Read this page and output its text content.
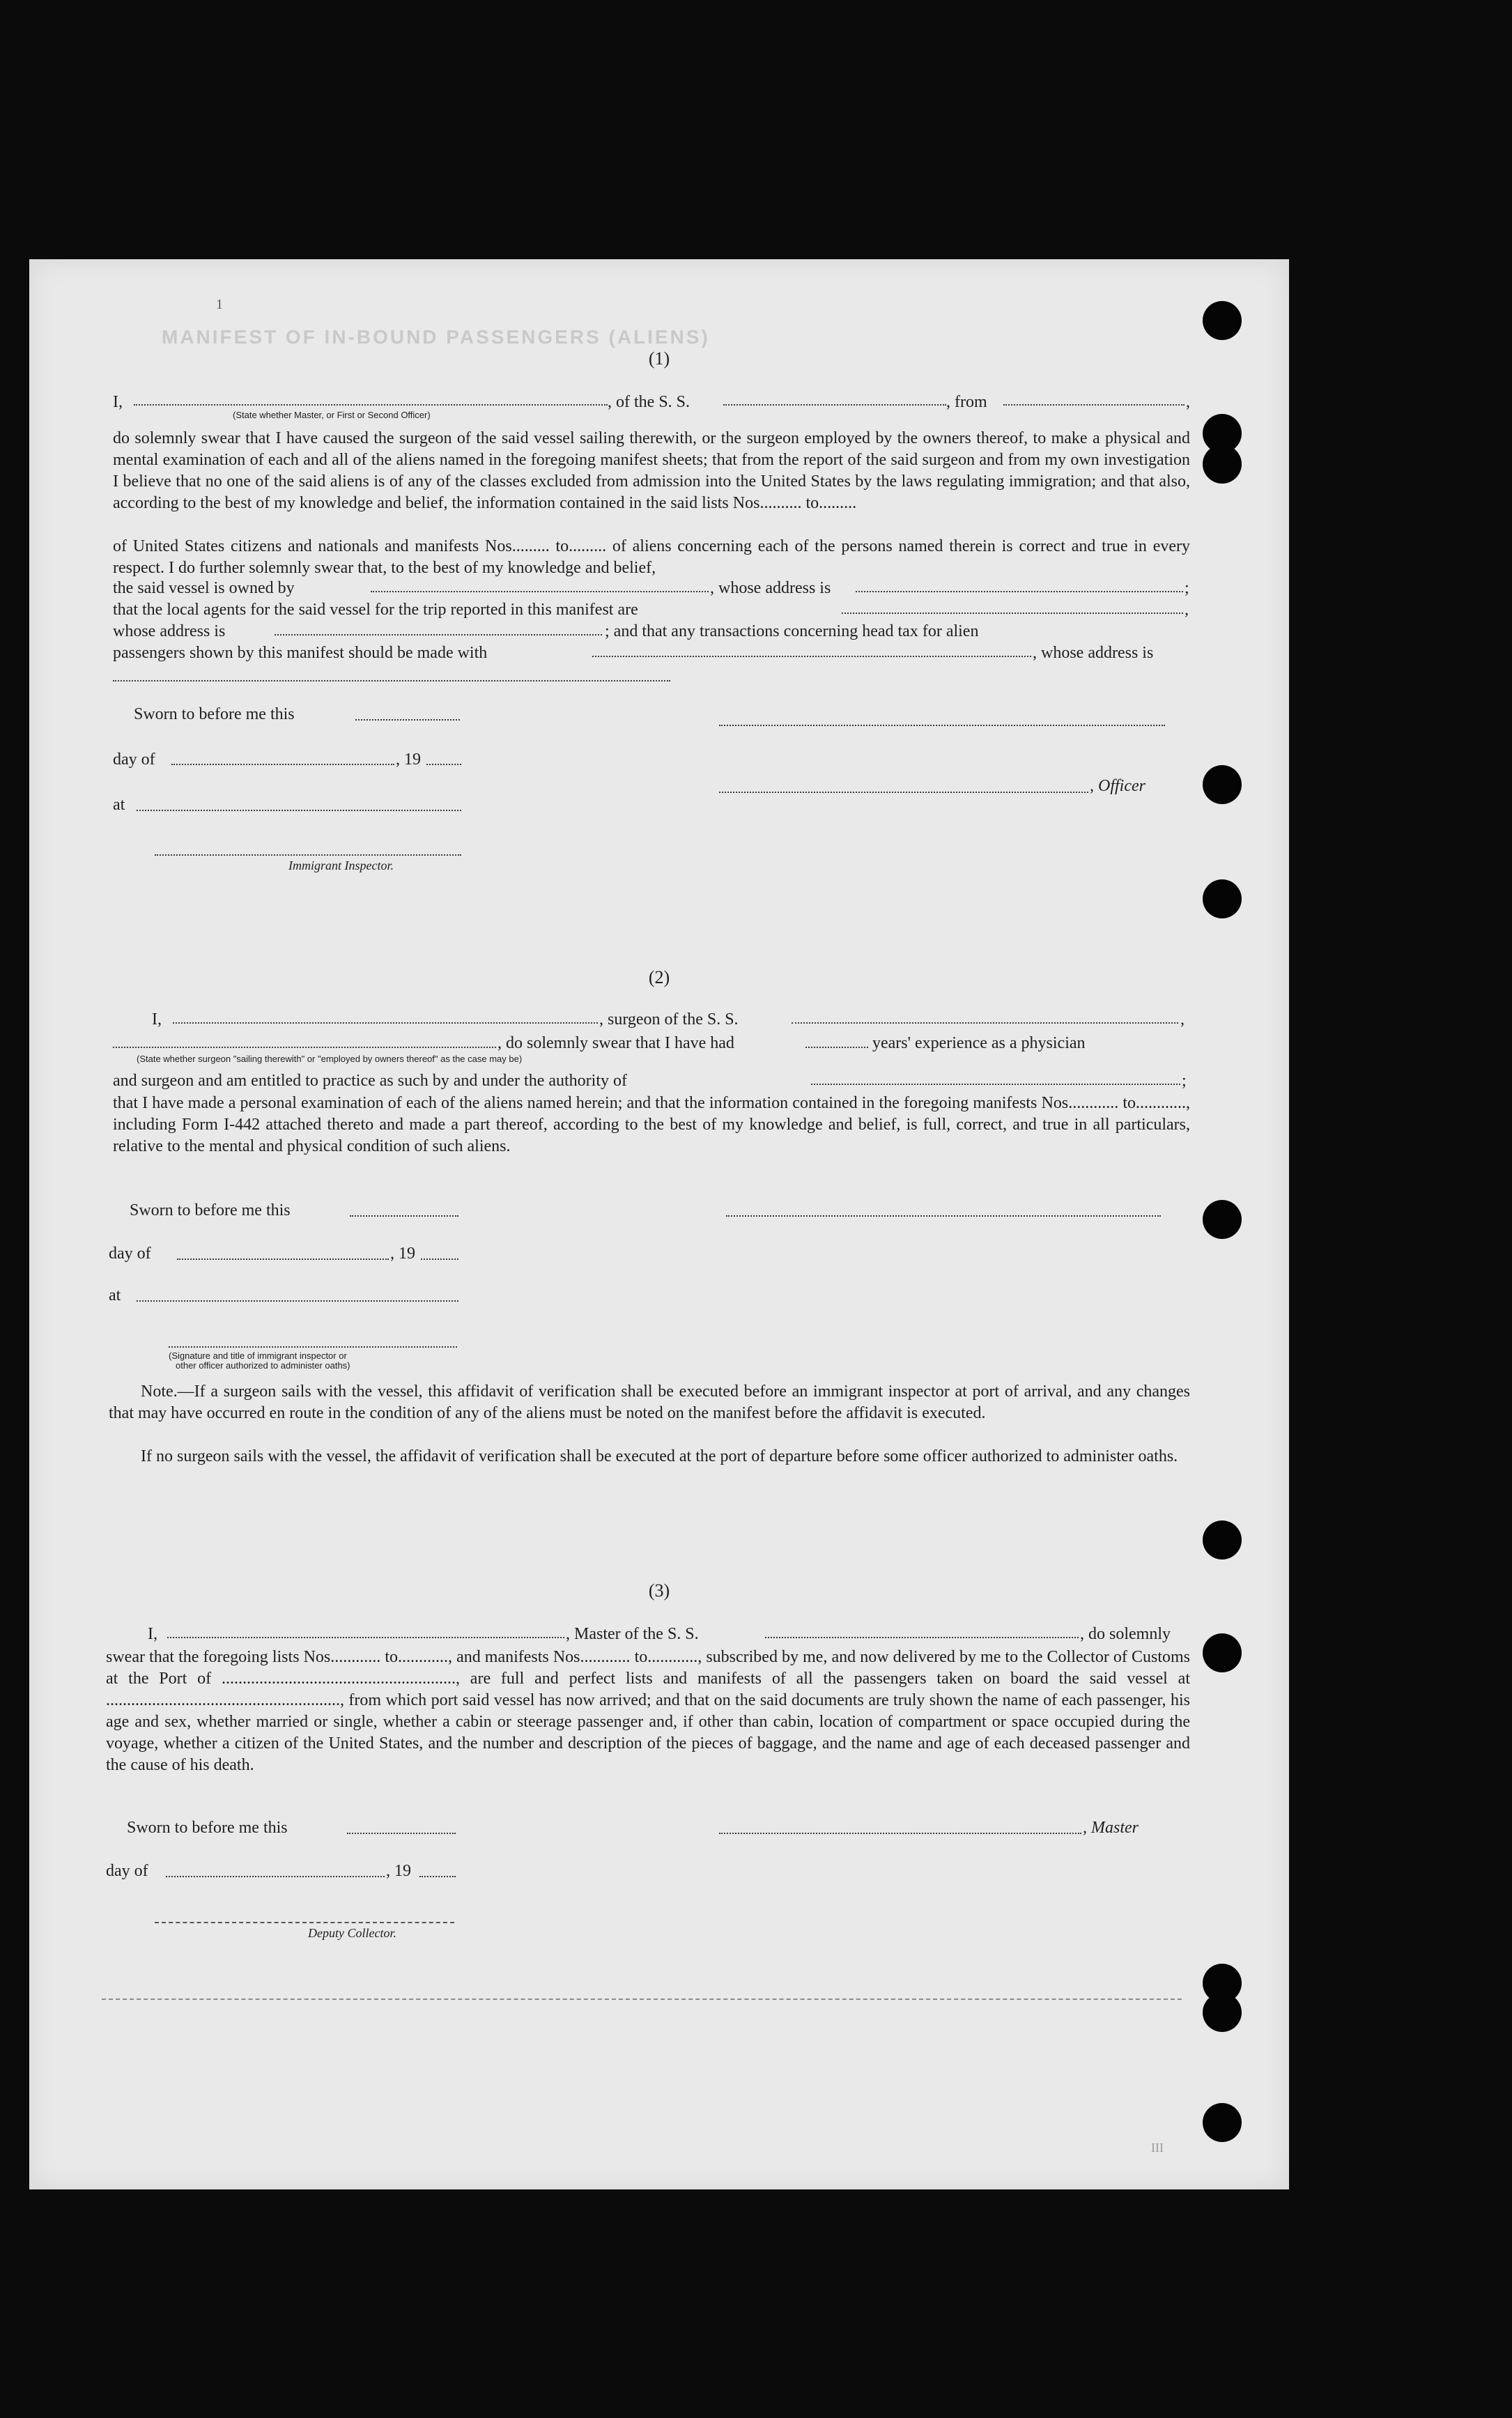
MANIFEST OF IN-BOUND PASSENGERS (ALIENS)
1
(1)
I,	, of the S. S.	, from	,
(State whether Master, or First or Second Officer)
do solemnly swear that I have caused the surgeon of the said vessel sailing therewith, or the surgeon employed by the owners thereof, to make a physical and mental examination of each and all of the aliens named in the foregoing manifest sheets; that from the report of the said surgeon and from my own investigation I believe that no one of the said aliens is of any of the classes excluded from admission into the United States by the laws regulating immigration; and that also, according to the best of my knowledge and belief, the information contained in the said lists Nos.......... to.........
of United States citizens and nationals and manifests Nos......... to......... of aliens concerning each of the persons named therein is correct and true in every respect. I do further solemnly swear that, to the best of my knowledge and belief,
the said vessel is owned by	, whose address is	;
that the local agents for the said vessel for the trip reported in this manifest are	,
whose address is	; and that any transactions concerning head tax for alien
passengers shown by this manifest should be made with	, whose address is
Sworn to before me this
day of	, 19
, Officer
at
Immigrant Inspector.
(2)
I,	, surgeon of the S. S.	,
, do solemnly swear that I have had	years' experience as a physician
(State whether surgeon "sailing therewith" or "employed by owners thereof" as the case may be)
and surgeon and am entitled to practice as such by and under the authority of	;
that I have made a personal examination of each of the aliens named herein; and that the information contained in the foregoing manifests Nos............ to............, including Form I-442 attached thereto and made a part thereof, according to the best of my knowledge and belief, is full, correct, and true in all particulars, relative to the mental and physical condition of such aliens.
Sworn to before me this
day of	, 19
at
(Signature and title of immigrant inspector or
other officer authorized to administer oaths)
Note.—If a surgeon sails with the vessel, this affidavit of verification shall be executed before an immigrant inspector at port of arrival, and any changes that may have occurred en route in the condition of any of the aliens must be noted on the manifest before the affidavit is executed.
If no surgeon sails with the vessel, the affidavit of verification shall be executed at the port of departure before some officer authorized to administer oaths.
(3)
I,	, Master of the S. S.	, do solemnly
swear that the foregoing lists Nos............ to............, and manifests Nos............ to............, subscribed by me, and now delivered by me to the Collector of Customs at the Port of ........................................................, are full and perfect lists and manifests of all the passengers taken on board the said vessel at ........................................................, from which port said vessel has now arrived; and that on the said documents are truly shown the name of each passenger, his age and sex, whether married or single, whether a cabin or steerage passenger and, if other than cabin, location of compartment or space occupied during the voyage, whether a citizen of the United States, and the number and description of the pieces of baggage, and the name and age of each deceased passenger and the cause of his death.
Sworn to before me this	, Master
day of	, 19
Deputy Collector.
III
